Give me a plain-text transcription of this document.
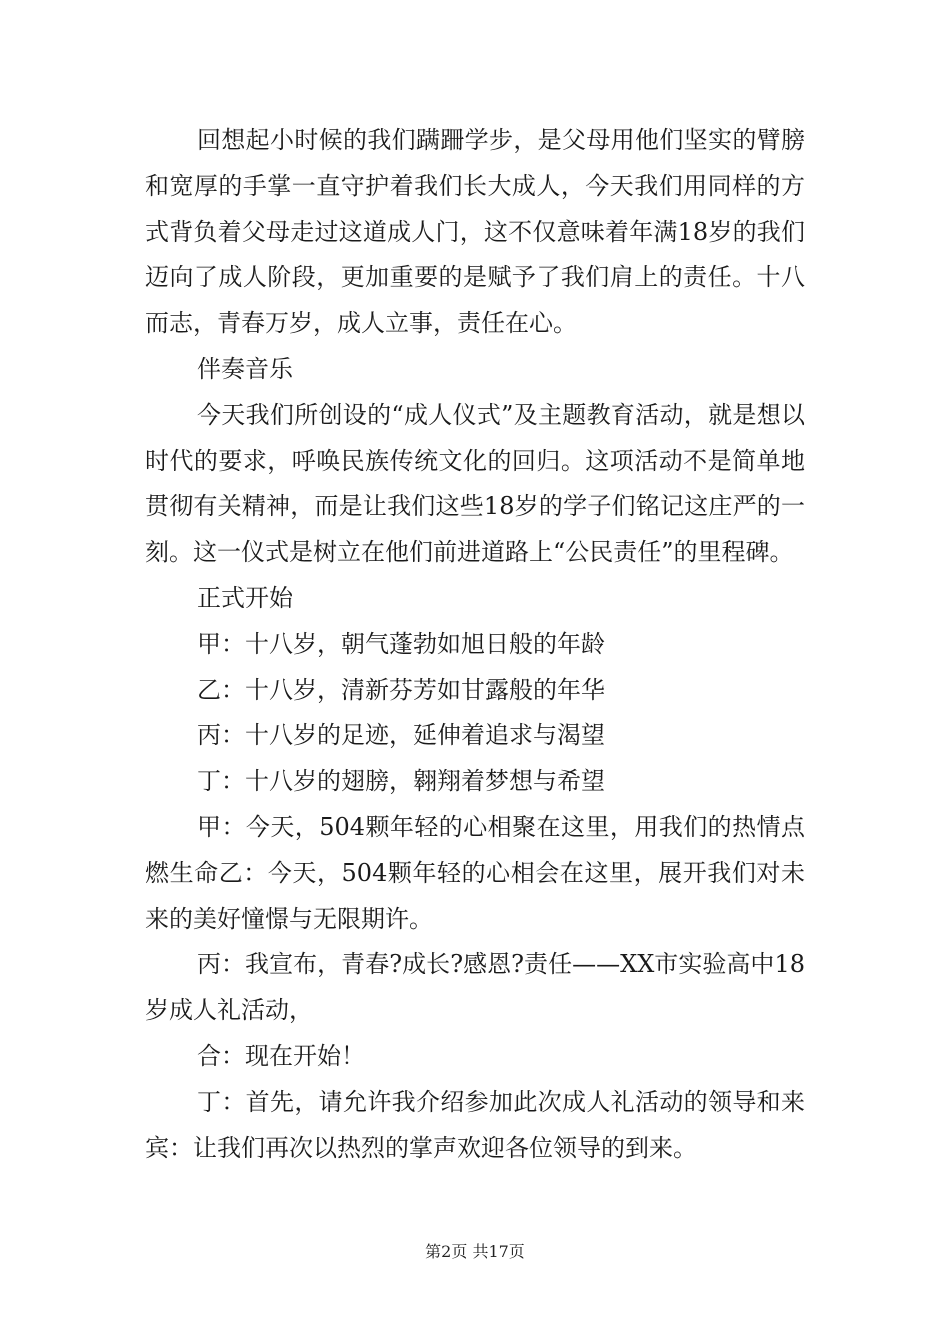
回想起小时候的我们蹒跚学步，是父母用他们坚实的臂膀和宽厚的手掌一直守护着我们长大成人，今天我们用同样的方式背负着父母走过这道成人门，这不仅意味着年满18岁的我们迈向了成人阶段，更加重要的是赋予了我们肩上的责任。十八而志，青春万岁，成人立事，责任在心。

伴奏音乐

今天我们所创设的“成人仪式”及主题教育活动，就是想以时代的要求，呼唤民族传统文化的回归。这项活动不是简单地贯彻有关精神，而是让我们这些18岁的学子们铭记这庄严的一刻。这一仪式是树立在他们前进道路上“公民责任”的里程碑。

正式开始

甲：十八岁，朝气蓬勃如旭日般的年龄

乙：十八岁，清新芬芳如甘露般的年华

丙：十八岁的足迹，延伸着追求与渴望

丁：十八岁的翅膀，翱翔着梦想与希望

甲：今天，504颗年轻的心相聚在这里，用我们的热情点燃生命乙：今天，504颗年轻的心相会在这里，展开我们对未来的美好憧憬与无限期许。

丙：我宣布，青春?成长?感恩?责任——XX市实验高中18岁成人礼活动，

合：现在开始！

丁：首先，请允许我介绍参加此次成人礼活动的领导和来宾：让我们再次以热烈的掌声欢迎各位领导的到来。

第2页 共17页
